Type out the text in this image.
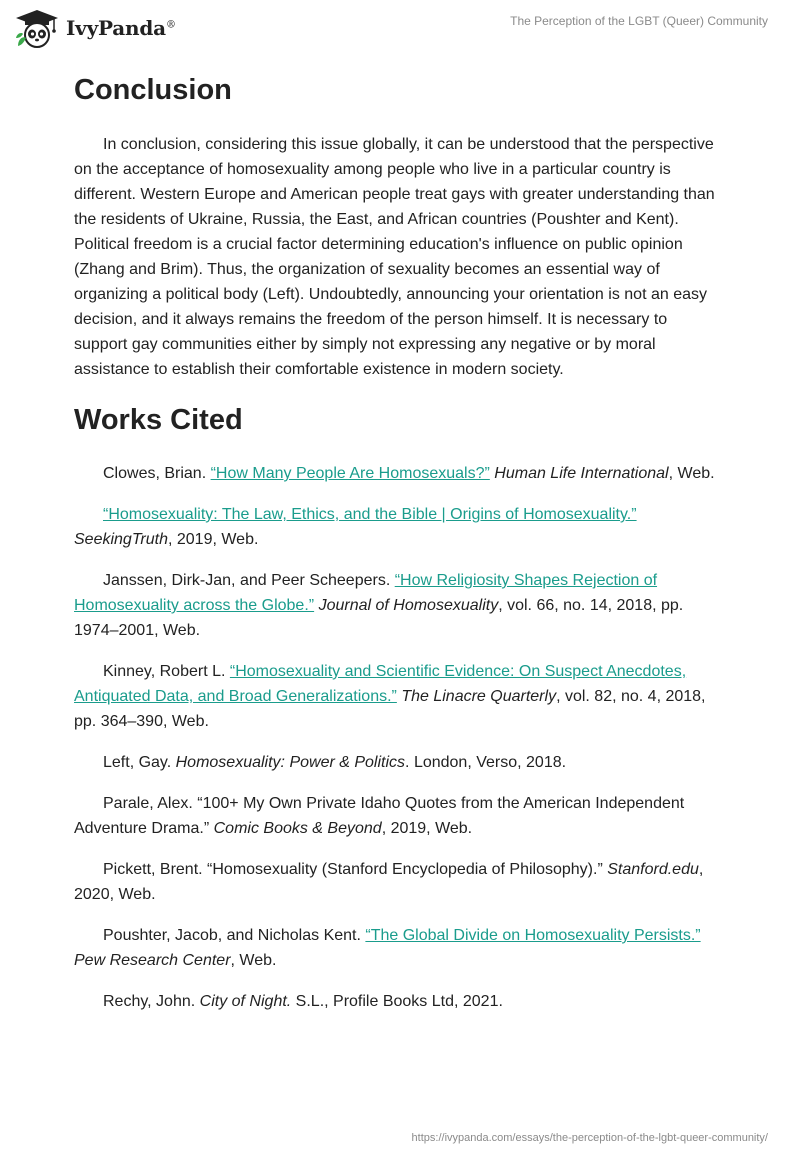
IvyPanda®	The Perception of the LGBT (Queer) Community
Conclusion

In conclusion, considering this issue globally, it can be understood that the perspective on the acceptance of homosexuality among people who live in a particular country is different. Western Europe and American people treat gays with greater understanding than the residents of Ukraine, Russia, the East, and African countries (Poushter and Kent). Political freedom is a crucial factor determining education's influence on public opinion (Zhang and Brim). Thus, the organization of sexuality becomes an essential way of organizing a political body (Left). Undoubtedly, announcing your orientation is not an easy decision, and it always remains the freedom of the person himself. It is necessary to support gay communities either by simply not expressing any negative or by moral assistance to establish their comfortable existence in modern society.

Works Cited

Clowes, Brian. “How Many People Are Homosexuals?” Human Life International, Web.

“Homosexuality: The Law, Ethics, and the Bible | Origins of Homosexuality.” SeekingTruth, 2019, Web.

Janssen, Dirk-Jan, and Peer Scheepers. “How Religiosity Shapes Rejection of Homosexuality across the Globe.” Journal of Homosexuality, vol. 66, no. 14, 2018, pp. 1974–2001, Web.

Kinney, Robert L. “Homosexuality and Scientific Evidence: On Suspect Anecdotes, Antiquated Data, and Broad Generalizations.” The Linacre Quarterly, vol. 82, no. 4, 2018, pp. 364–390, Web.

Left, Gay. Homosexuality: Power & Politics. London, Verso, 2018.

Parale, Alex. “100+ My Own Private Idaho Quotes from the American Independent Adventure Drama.” Comic Books & Beyond, 2019, Web.

Pickett, Brent. “Homosexuality (Stanford Encyclopedia of Philosophy).” Stanford.edu, 2020, Web.

Poushter, Jacob, and Nicholas Kent. “The Global Divide on Homosexuality Persists.” Pew Research Center, Web.

Rechy, John. City of Night. S.L., Profile Books Ltd, 2021.

https://ivypanda.com/essays/the-perception-of-the-lgbt-queer-community/
